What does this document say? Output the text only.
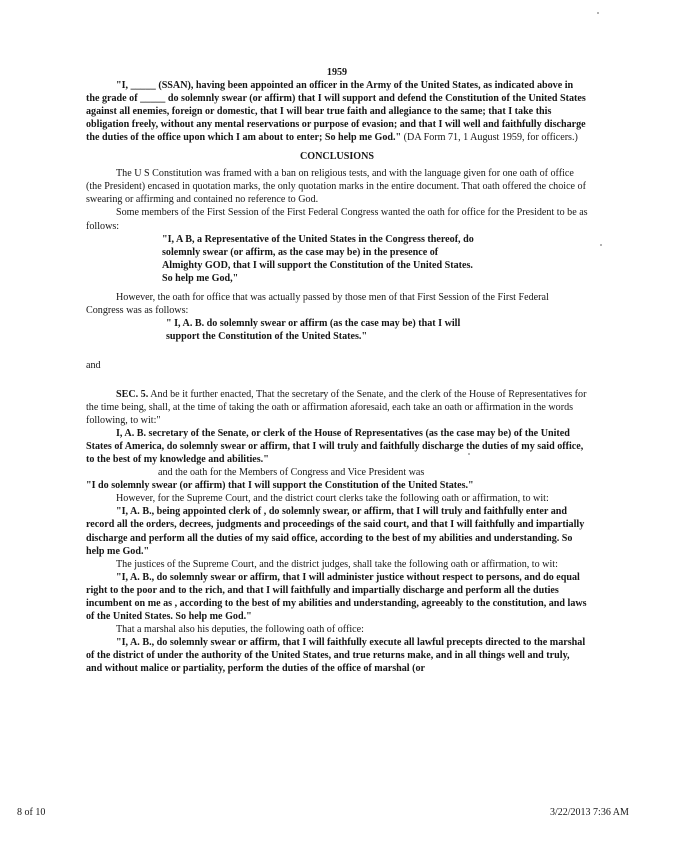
1959

"I, _____ (SSAN), having been appointed an officer in the Army of the United States, as indicated above in the grade of _____ do solemnly swear (or affirm) that I will support and defend the Constitution of the United States against all enemies, foreign or domestic, that I will bear true faith and allegiance to the same; that I take this obligation freely, without any mental reservations or purpose of evasion; and that I will well and faithfully discharge the duties of the office upon which I am about to enter; So help me God." (DA Form 71, 1 August 1959, for officers.)

CONCLUSIONS

The U S Constitution was framed with a ban on religious tests, and with the language given for one oath of office (the President) encased in quotation marks, the only quotation marks in the entire document. That oath offered the choice of swearing or affirming and contained no reference to God.

Some members of the First Session of the First Federal Congress wanted the oath for office for the President to be as follows:

"I, A B, a Representative of the United States in the Congress thereof, do

solemnly swear (or affirm, as the case may be) in the presence of

Almighty GOD, that I will support the Constitution of the United States.

So help me God,"

However, the oath for office that was actually passed by those men of that First Session of the First Federal Congress was as follows:

" I, A. B. do solemnly swear or affirm (as the case may be) that I will

support the Constitution of the United States."

and

SEC. 5. And be it further enacted, That the secretary of the Senate, and the clerk of the House of Representatives for the time being, shall, at the time of taking the oath or affirmation aforesaid, each take an oath or affirmation in the words following, to wit:"

I, A. B. secretary of the Senate, or clerk of the House of Representatives (as the case may be) of the United States of America, do solemnly swear or affirm, that I will truly and faithfully discharge the duties of my said office, to the best of my knowledge and abilities."

and the oath for the Members of Congress and Vice President was

"I do solemnly swear (or affirm) that I will support the Constitution of the United States."

However, for the Supreme Court, and the district court clerks take the following oath or affirmation, to wit:

"I, A. B., being appointed clerk of , do solemnly swear, or affirm, that I will truly and faithfully enter and record all the orders, decrees, judgments and proceedings of the said court, and that I will faithfully and impartially discharge and perform all the duties of my said office, according to the best of my abilities and understanding. So help me God."

The justices of the Supreme Court, and the district judges, shall take the following oath or affirmation, to wit:

"I, A. B., do solemnly swear or affirm, that I will administer justice without respect to persons, and do equal right to the poor and to the rich, and that I will faithfully and impartially discharge and perform all the duties incumbent on me as , according to the best of my abilities and understanding, agreeably to the constitution, and laws of the United States. So help me God."

That a marshal also his deputies, the following oath of office:

"I, A. B., do solemnly swear or affirm, that I will faithfully execute all lawful precepts directed to the marshal of the district of under the authority of the United States, and true returns make, and in all things well and truly, and without malice or partiality, perform the duties of the office of marshal (or

8 of 10	3/22/2013 7:36 AM
